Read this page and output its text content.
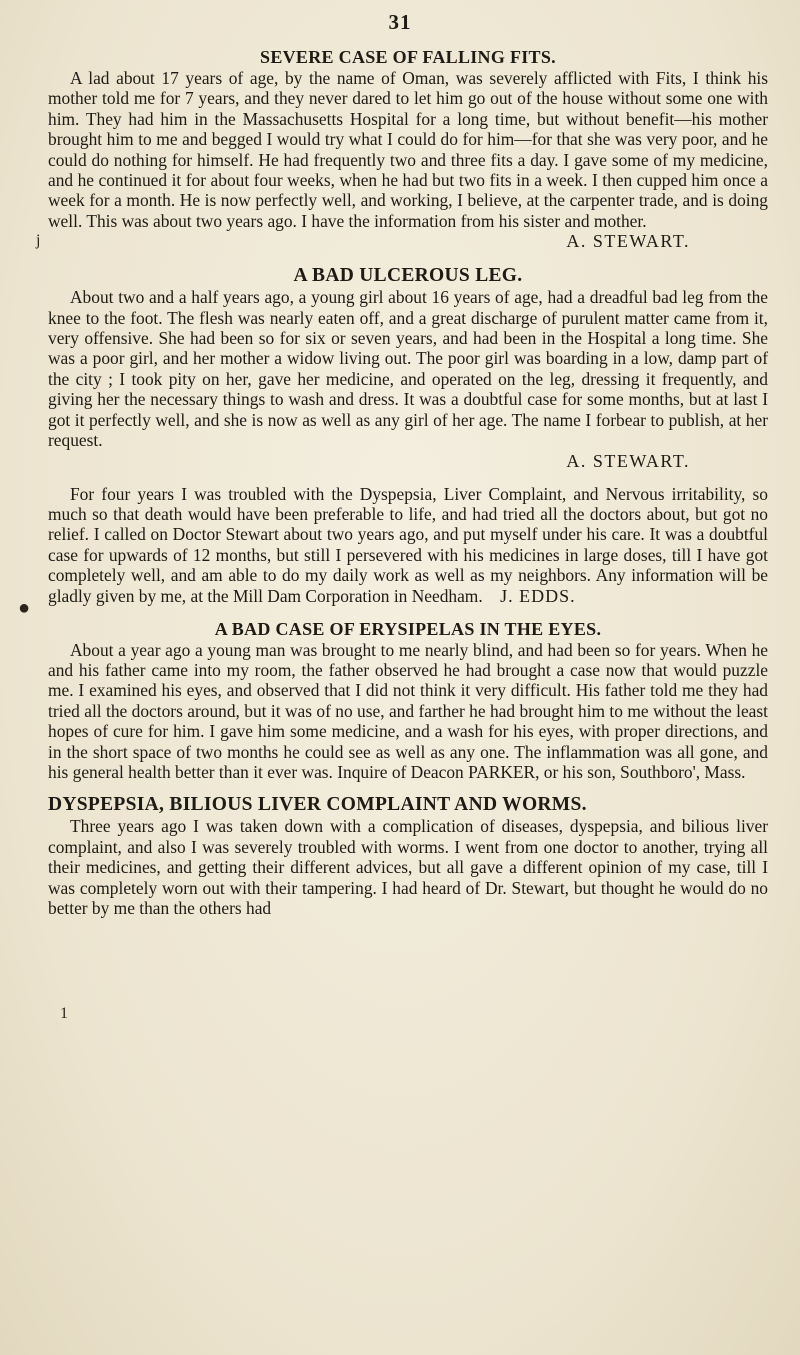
31
j
●
1

SEVERE CASE OF FALLING FITS.

A lad about 17 years of age, by the name of Oman, was severely afflicted with Fits, I think his mother told me for 7 years, and they never dared to let him go out of the house without some one with him. They had him in the Massachusetts Hospital for a long time, but without benefit—his mother brought him to me and begged I would try what I could do for him—for that she was very poor, and he could do nothing for himself. He had frequently two and three fits a day. I gave some of my medicine, and he continued it for about four weeks, when he had but two fits in a week. I then cupped him once a week for a month. He is now perfectly well, and working, I believe, at the carpenter trade, and is doing well. This was about two years ago. I have the information from his sister and mother.

A. STEWART.

A BAD ULCEROUS LEG.

About two and a half years ago, a young girl about 16 years of age, had a dreadful bad leg from the knee to the foot. The flesh was nearly eaten off, and a great discharge of purulent matter came from it, very offensive. She had been so for six or seven years, and had been in the Hospital a long time. She was a poor girl, and her mother a widow living out. The poor girl was boarding in a low, damp part of the city ; I took pity on her, gave her medicine, and operated on the leg, dressing it frequently, and giving her the necessary things to wash and dress. It was a doubtful case for some months, but at last I got it perfectly well, and she is now as well as any girl of her age. The name I forbear to publish, at her request.

A. STEWART.

For four years I was troubled with the Dyspepsia, Liver Complaint, and Nervous irritability, so much so that death would have been preferable to life, and had tried all the doctors about, but got no relief. I called on Doctor Stewart about two years ago, and put myself under his care. It was a doubtful case for upwards of 12 months, but still I persevered with his medicines in large doses, till I have got completely well, and am able to do my daily work as well as my neighbors. Any information will be gladly given by me, at the Mill Dam Corporation in Needham. J. EDDS.

A BAD CASE OF ERYSIPELAS IN THE EYES.

About a year ago a young man was brought to me nearly blind, and had been so for years. When he and his father came into my room, the father observed he had brought a case now that would puzzle me. I examined his eyes, and observed that I did not think it very difficult. His father told me they had tried all the doctors around, but it was of no use, and farther he had brought him to me without the least hopes of cure for him. I gave him some medicine, and a wash for his eyes, with proper directions, and in the short space of two months he could see as well as any one. The inflammation was all gone, and his general health better than it ever was. Inquire of Deacon PARKER, or his son, Southboro', Mass.

DYSPEPSIA, BILIOUS LIVER COMPLAINT AND WORMS.

Three years ago I was taken down with a complication of diseases, dyspepsia, and bilious liver complaint, and also I was severely troubled with worms. I went from one doctor to another, trying all their medicines, and getting their different advices, but all gave a different opinion of my case, till I was completely worn out with their tampering. I had heard of Dr. Stewart, but thought he would do no better by me than the others had
